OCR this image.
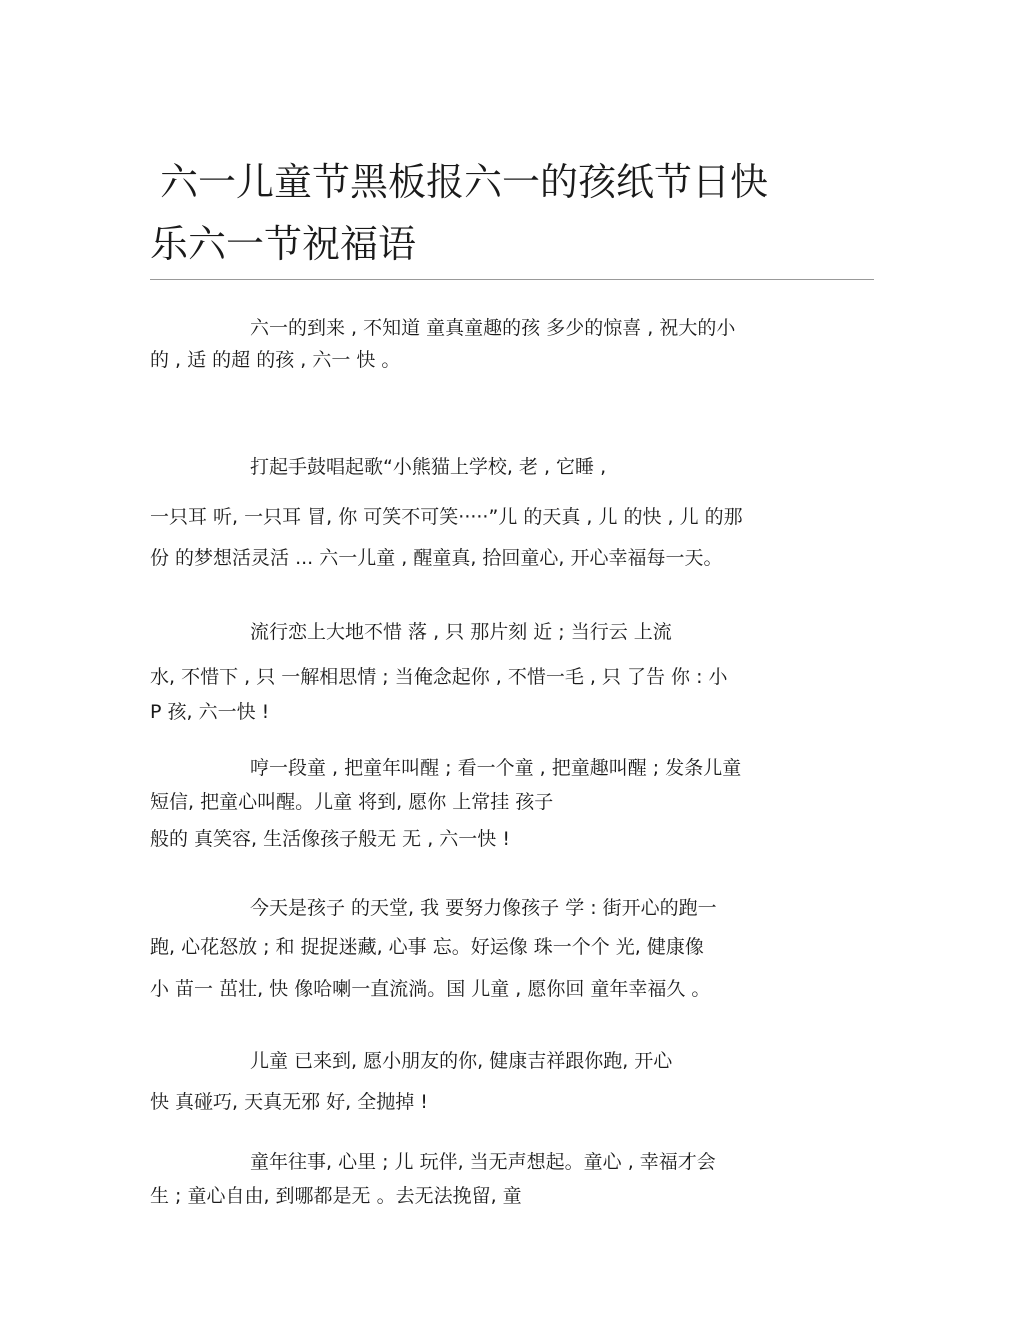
六一儿童节黑板报六一的孩纸节日快
乐六一节祝福语
六一的到来 , 不知道 童真童趣的孩 多少的惊喜 , 祝大的小
的 , 适 的超 的孩 , 六一 快 。
打起手鼓唱起歌“小熊猫上学校, 老 , 它睡 ,
一只耳 听, 一只耳 冒, 你 可笑不可笑·····”儿 的天真 , 儿 的快 , 儿 的那
份 的梦想活灵活 ... 六一儿童 , 醒童真, 拾回童心, 开心幸福每一天。
流行恋上大地不惜 落 , 只 那片刻 近 ; 当行云 上流
水, 不惜下 , 只 一解相思情 ; 当俺念起你 , 不惜一毛 , 只 了告 你 : 小
P 孩, 六一快 !
哼一段童 , 把童年叫醒 ; 看一个童 , 把童趣叫醒 ; 发条儿童
短信, 把童心叫醒。儿童 将到, 愿你 上常挂 孩子
般的 真笑容, 生活像孩子般无 无 , 六一快 !
今天是孩子 的天堂, 我 要努力像孩子 学 : 街开心的跑一
跑, 心花怒放 ; 和 捉捉迷藏, 心事 忘。好运像 珠一个个 光, 健康像
小 苗一 茁壮, 快 像哈喇一直流淌。国 儿童 , 愿你回 童年幸福久 。
儿童 已来到, 愿小朋友的你, 健康吉祥跟你跑, 开心
快 真碰巧, 天真无邪 好, 全抛掉 !
童年往事, 心里 ; 儿 玩伴, 当无声想起。童心 , 幸福才会
生 ; 童心自由, 到哪都是无 。去无法挽留, 童
